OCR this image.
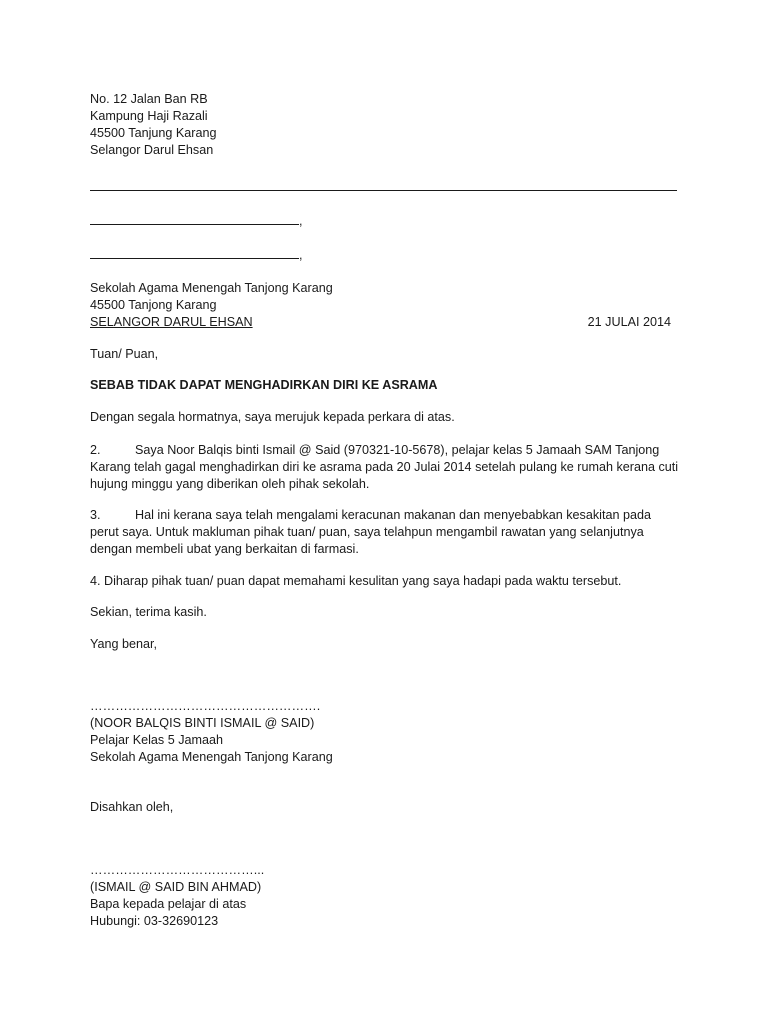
No. 12 Jalan Ban RB
Kampung Haji Razali
45500 Tanjung Karang
Selangor Darul Ehsan
,
,
Sekolah Agama Menengah Tanjong Karang
45500 Tanjong Karang
SELANGOR DARUL EHSAN	21 JULAI 2014
Tuan/ Puan,
SEBAB TIDAK DAPAT MENGHADIRKAN DIRI KE ASRAMA
Dengan segala hormatnya, saya merujuk kepada perkara di atas.
2.	Saya Noor Balqis binti Ismail @ Said (970321-10-5678), pelajar kelas 5 Jamaah SAM Tanjong
Karang telah gagal menghadirkan diri ke asrama pada 20 Julai 2014 setelah pulang ke rumah kerana cuti
hujung minggu yang diberikan oleh pihak sekolah.
3.	Hal ini kerana saya telah mengalami keracunan makanan dan menyebabkan kesakitan pada
perut saya. Untuk makluman pihak tuan/ puan, saya telahpun mengambil rawatan yang selanjutnya
dengan membeli ubat yang berkaitan di farmasi.
4. Diharap pihak tuan/ puan dapat memahami kesulitan yang saya hadapi pada waktu tersebut.
Sekian, terima kasih.
Yang benar,
……………………………………………….
(NOOR BALQIS BINTI ISMAIL @ SAID)
Pelajar Kelas 5 Jamaah
Sekolah Agama Menengah Tanjong Karang
Disahkan oleh,
…………………………………...
(ISMAIL @ SAID BIN AHMAD)
Bapa kepada pelajar di atas
Hubungi: 03-32690123
